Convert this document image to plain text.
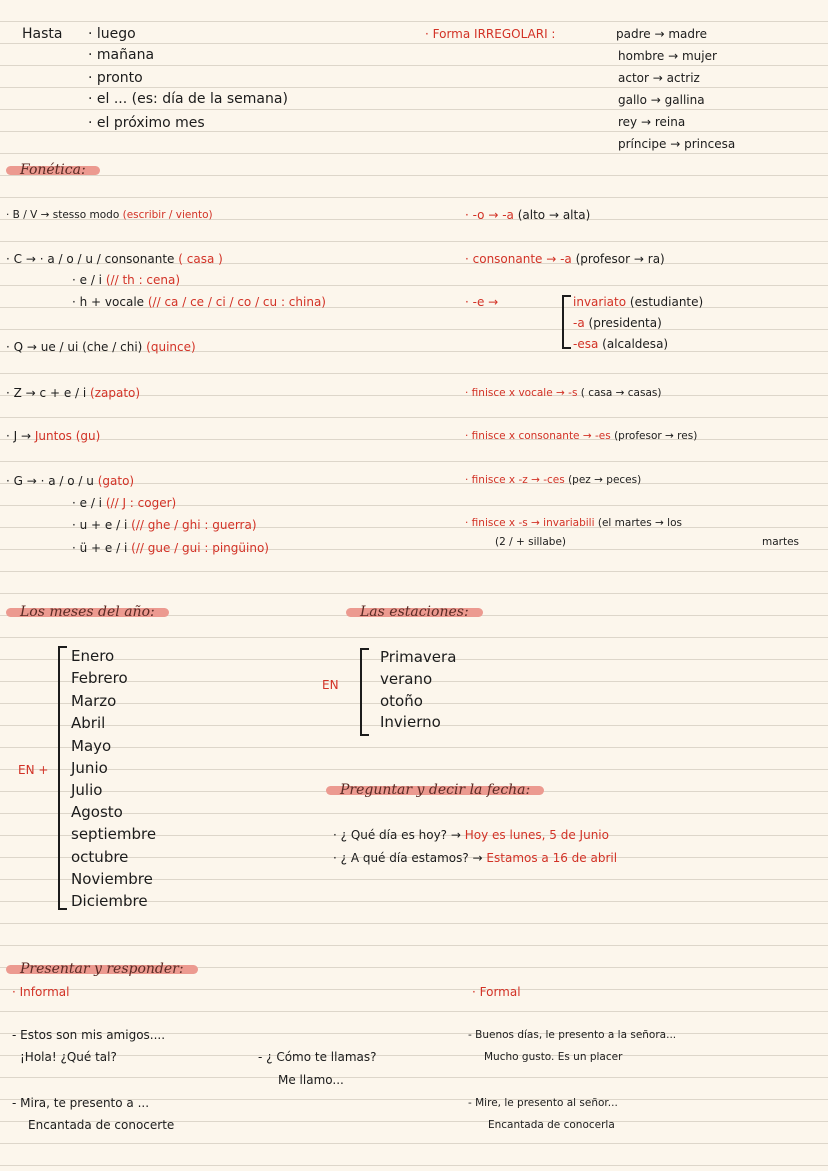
Hasta · luego
· mañana
· pronto
· el ... (es: día de la semana)
· el próximo mes
· Forma IRREGOLARI :	padre → madre
hombre → mujer
actor → actriz
gallo → gallina
rey → reina
príncipe → princesa
Fonética:
· B / V → stesso modo (escribir / viento)
· C → · a / o / u / consonante ( casa )
· e / i (// th : cena)
· h + vocale (// ca / ce / ci / co / cu : china)
· Q → ue / ui (che / chi) (quince)
· Z → c + e / i (zapato)
· J → Juntos (gu)
· G → · a / o / u (gato)
· e / i (// J : coger)
· u + e / i (// ghe / ghi : guerra)
· ü + e / i (// gue / gui : pingüino)
· -o → -a (alto → alta)
· consonante → -a (profesor → ra)
· -e →	invariato (estudiante)
-a (presidenta)
-esa (alcaldesa)
· finisce x vocale → -s ( casa → casas)
· finisce x consonante → -es (profesor → res)
· finisce x -z → -ces (pez → peces)
· finisce x -s → invariabili (el martes → los
martes
(2 / + sillabe)
Los meses del año:
EN +
Enero
Febrero
Marzo
Abril
Mayo
Junio
Julio
Agosto
septiembre
octubre
Noviembre
Diciembre
Las estaciones:
EN
Primavera
verano
otoño
Invierno
Preguntar y decir la fecha:
· ¿ Qué día es hoy? → Hoy es lunes, 5 de Junio
· ¿ A qué día estamos? → Estamos a 16 de abril
Presentar y responder:
· Informal
- Estos son mis amigos....
¡Hola! ¿Qué tal?	- ¿ Cómo te llamas?
Me llamo...
- Mira, te presento a ...
Encantada de conocerte
· Formal
- Buenos días, le presento a la señora...
Mucho gusto. Es un placer
- Mire, le presento al señor...
Encantada de conocerla
